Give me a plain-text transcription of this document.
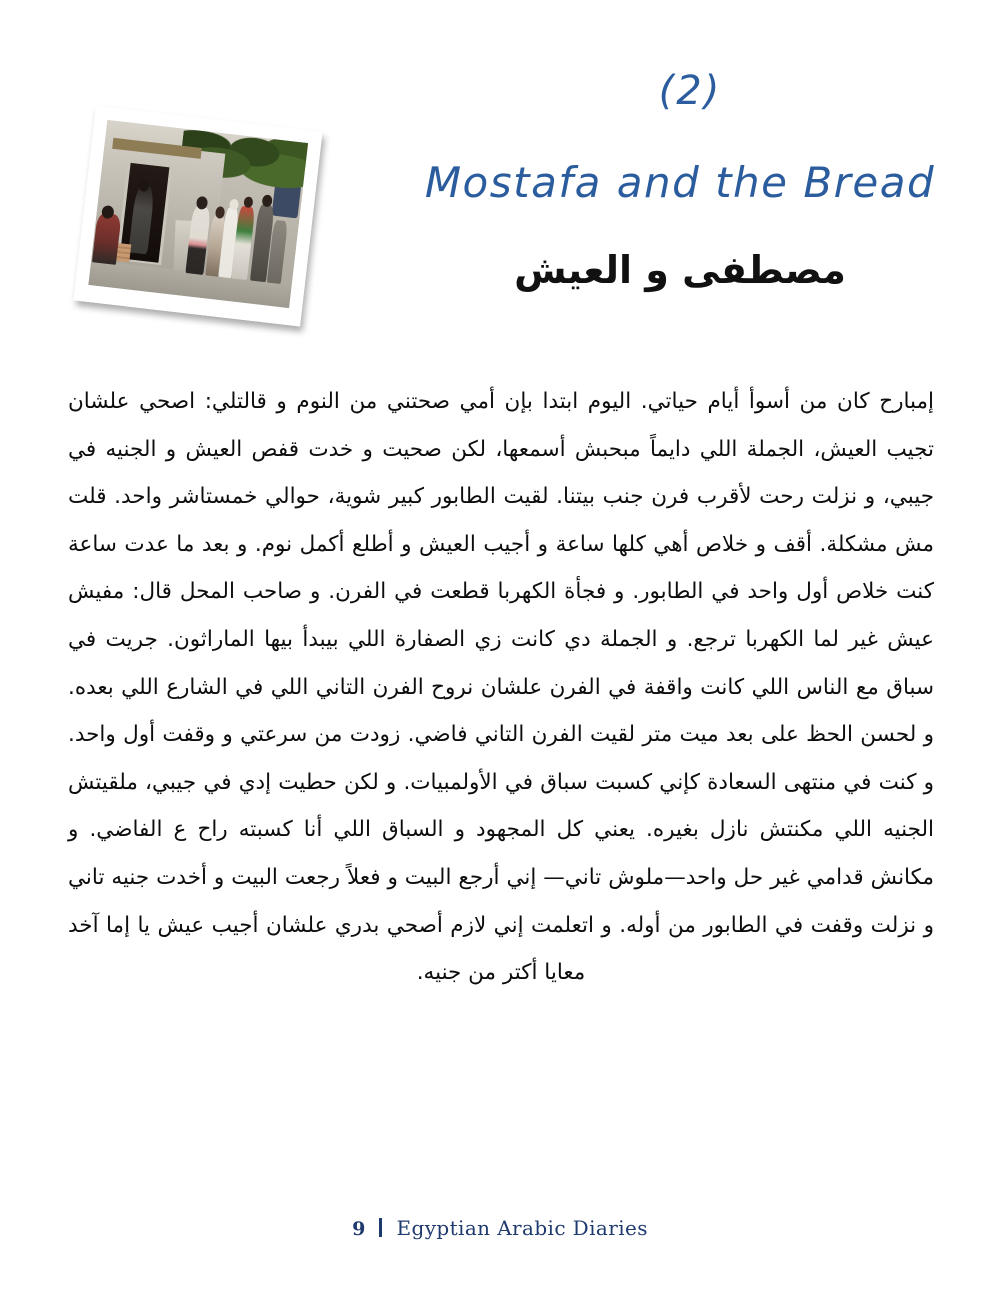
(2)
Mostafa and the Bread
مصطفى و العيش
إمبارح كان من أسوأ أيام حياتي. اليوم ابتدا بإن أمي صحتني من النوم و قالتلي: اصحي علشان تجيب العيش، الجملة اللي دايماً مبحبش أسمعها، لكن صحيت و خدت قفص العيش و الجنيه في جيبي، و نزلت رحت لأقرب فرن جنب بيتنا. لقيت الطابور كبير شوية، حوالي خمستاشر واحد. قلت مش مشكلة. أقف و خلاص أهي كلها ساعة و أجيب العيش و أطلع أكمل نوم. و بعد ما عدت ساعة كنت خلاص أول واحد في الطابور. و فجأة الكهربا قطعت في الفرن. و صاحب المحل قال: مفيش عيش غير لما الكهربا ترجع. و الجملة دي كانت زي الصفارة اللي بيبدأ بيها الماراثون. جريت في سباق مع الناس اللي كانت واقفة في الفرن علشان نروح الفرن التاني اللي في الشارع اللي بعده. و لحسن الحظ على بعد ميت متر لقيت الفرن التاني فاضي. زودت من سرعتي و وقفت أول واحد. و كنت في منتهى السعادة كإني كسبت سباق في الأولمبيات. و لكن حطيت إدي في جيبي، ملقيتش الجنيه اللي مكنتش نازل بغيره. يعني كل المجهود و السباق اللي أنا كسبته راح ع الفاضي. و مكانش قدامي غير حل واحد—ملوش تاني— إني أرجع البيت و فعلاً رجعت البيت و أخدت جنيه تاني و نزلت وقفت في الطابور من أوله. و اتعلمت إني لازم أصحي بدري علشان أجيب عيش يا إما آخد معايا أكتر من جنيه.
9 Egyptian Arabic Diaries
